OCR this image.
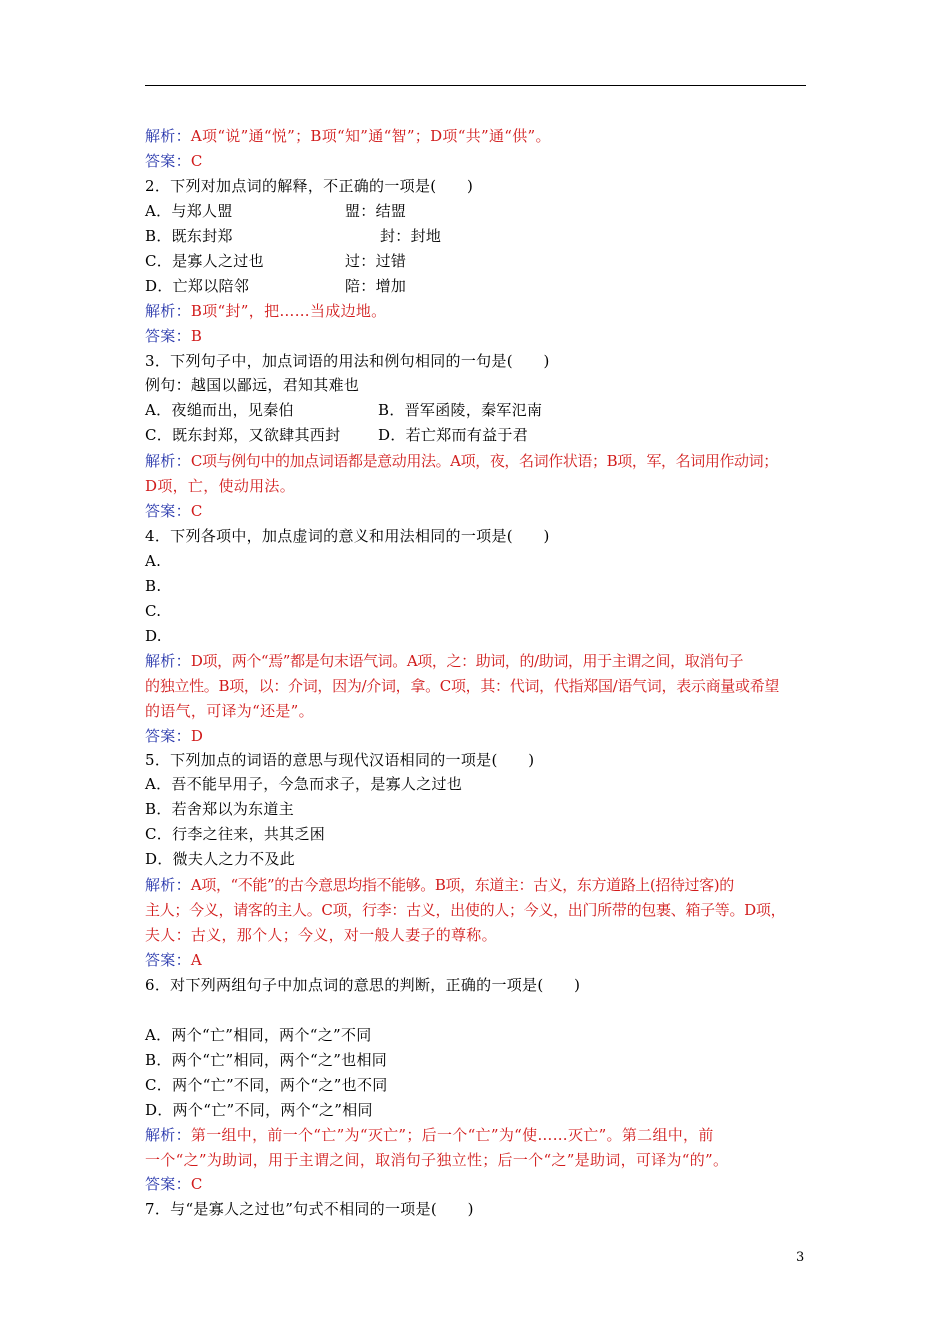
解析：A项“说”通“悦”；B项“知”通“智”；D项“共”通“供”。
答案：C
2．下列对加点词的解释，不正确的一项是(　　)
A．与郑人盟	盟：结盟
B．既东封郑	封：封地
C．是寡人之过也	过：过错
D．亡郑以陪邻	陪：增加
解析：B项“封”，把……当成边地。
答案：B
3．下列句子中，加点词语的用法和例句相同的一句是(　　)
例句：越国以鄙远，君知其难也
A．夜缒而出，见秦伯	B．晋军函陵，秦军氾南
C．既东封郑，又欲肆其西封	D．若亡郑而有益于君
解析：C项与例句中的加点词语都是意动用法。A项，夜，名词作状语；B项，军，名词用作动词；
D项，亡，使动用法。
答案：C
4．下列各项中，加点虚词的意义和用法相同的一项是(　　)
A.
B.
C.
D.
解析：D项，两个“焉”都是句末语气词。A项，之：助词，的/助词，用于主谓之间，取消句子
的独立性。B项，以：介词，因为/介词，拿。C项，其：代词，代指郑国/语气词，表示商量或希望
的语气，可译为“还是”。
答案：D
5．下列加点的词语的意思与现代汉语相同的一项是(　　)
A．吾不能早用子，今急而求子，是寡人之过也
B．若舍郑以为东道主
C．行李之往来，共其乏困
D．微夫人之力不及此
解析：A项，“不能”的古今意思均指不能够。B项，东道主：古义，东方道路上(招待过客)的
主人；今义，请客的主人。C项，行李：古义，出使的人；今义，出门所带的包裹、箱子等。D项，
夫人：古义，那个人；今义，对一般人妻子的尊称。
答案：A
6．对下列两组句子中加点词的意思的判断，正确的一项是(　　)
A．两个“亡”相同，两个“之”不同
B．两个“亡”相同，两个“之”也相同
C．两个“亡”不同，两个“之”也不同
D．两个“亡”不同，两个“之”相同
解析：第一组中，前一个“亡”为“灭亡”；后一个“亡”为“使……灭亡”。第二组中，前
一个“之”为助词，用于主谓之间，取消句子独立性；后一个“之”是助词，可译为“的”。
答案：C
7．与“是寡人之过也”句式不相同的一项是(　　)
3
